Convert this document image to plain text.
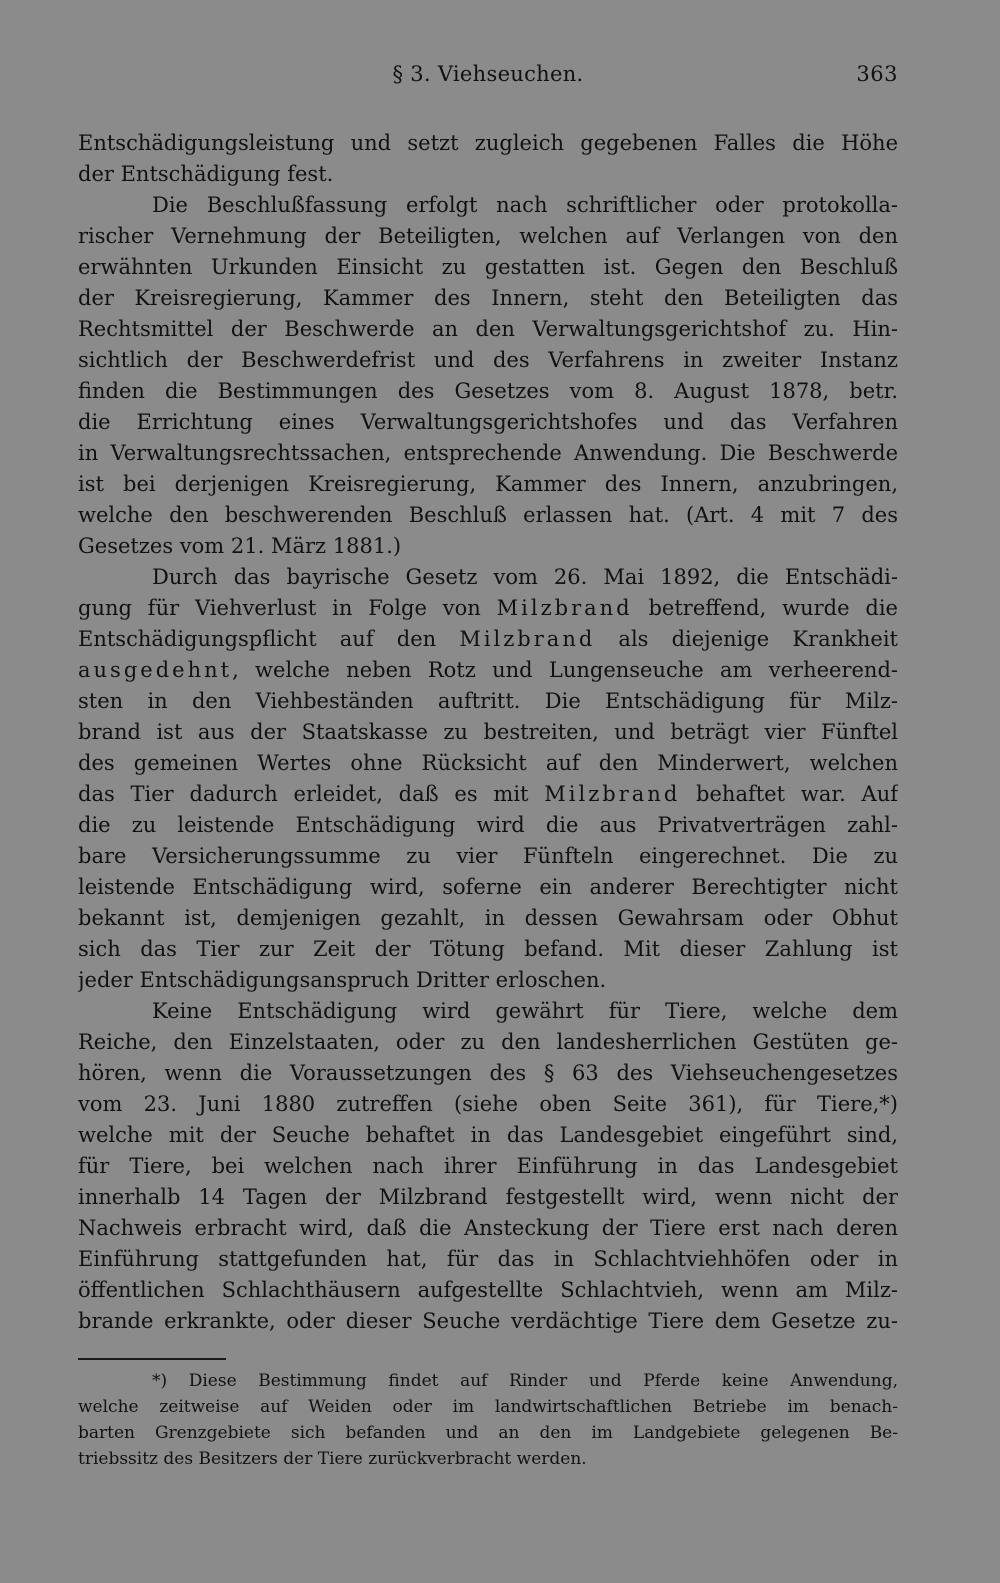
§ 3. Viehseuchen.	363
Entschädigungsleistung und setzt zugleich gegebenen Falles die Höhe
der Entschädigung fest.
Die Beschlußfassung erfolgt nach schriftlicher oder protokolla-
rischer Vernehmung der Beteiligten, welchen auf Verlangen von den
erwähnten Urkunden Einsicht zu gestatten ist. Gegen den Beschluß
der Kreisregierung, Kammer des Innern, steht den Beteiligten das
Rechtsmittel der Beschwerde an den Verwaltungsgerichtshof zu. Hin-
sichtlich der Beschwerdefrist und des Verfahrens in zweiter Instanz
finden die Bestimmungen des Gesetzes vom 8. August 1878, betr.
die Errichtung eines Verwaltungsgerichtshofes und das Verfahren
in Verwaltungsrechtssachen, entsprechende Anwendung. Die Beschwerde
ist bei derjenigen Kreisregierung, Kammer des Innern, anzubringen,
welche den beschwerenden Beschluß erlassen hat. (Art. 4 mit 7 des
Gesetzes vom 21. März 1881.)
Durch das bayrische Gesetz vom 26. Mai 1892, die Entschädi-
gung für Viehverlust in Folge von Milzbrand betreffend, wurde die
Entschädigungspflicht auf den Milzbrand als diejenige Krankheit
ausgedehnt, welche neben Rotz und Lungenseuche am verheerend-
sten in den Viehbeständen auftritt. Die Entschädigung für Milz-
brand ist aus der Staatskasse zu bestreiten, und beträgt vier Fünftel
des gemeinen Wertes ohne Rücksicht auf den Minderwert, welchen
das Tier dadurch erleidet, daß es mit Milzbrand behaftet war. Auf
die zu leistende Entschädigung wird die aus Privatverträgen zahl-
bare Versicherungssumme zu vier Fünfteln eingerechnet. Die zu
leistende Entschädigung wird, soferne ein anderer Berechtigter nicht
bekannt ist, demjenigen gezahlt, in dessen Gewahrsam oder Obhut
sich das Tier zur Zeit der Tötung befand. Mit dieser Zahlung ist
jeder Entschädigungsanspruch Dritter erloschen.
Keine Entschädigung wird gewährt für Tiere, welche dem
Reiche, den Einzelstaaten, oder zu den landesherrlichen Gestüten ge-
hören, wenn die Voraussetzungen des § 63 des Viehseuchengesetzes
vom 23. Juni 1880 zutreffen (siehe oben Seite 361), für Tiere,*)
welche mit der Seuche behaftet in das Landesgebiet eingeführt sind,
für Tiere, bei welchen nach ihrer Einführung in das Landesgebiet
innerhalb 14 Tagen der Milzbrand festgestellt wird, wenn nicht der
Nachweis erbracht wird, daß die Ansteckung der Tiere erst nach deren
Einführung stattgefunden hat, für das in Schlachtviehhöfen oder in
öffentlichen Schlachthäusern aufgestellte Schlachtvieh, wenn am Milz-
brande erkrankte, oder dieser Seuche verdächtige Tiere dem Gesetze zu-
*) Diese Bestimmung findet auf Rinder und Pferde keine Anwendung,
welche zeitweise auf Weiden oder im landwirtschaftlichen Betriebe im benach-
barten Grenzgebiete sich befanden und an den im Landgebiete gelegenen Be-
triebssitz des Besitzers der Tiere zurückverbracht werden.
